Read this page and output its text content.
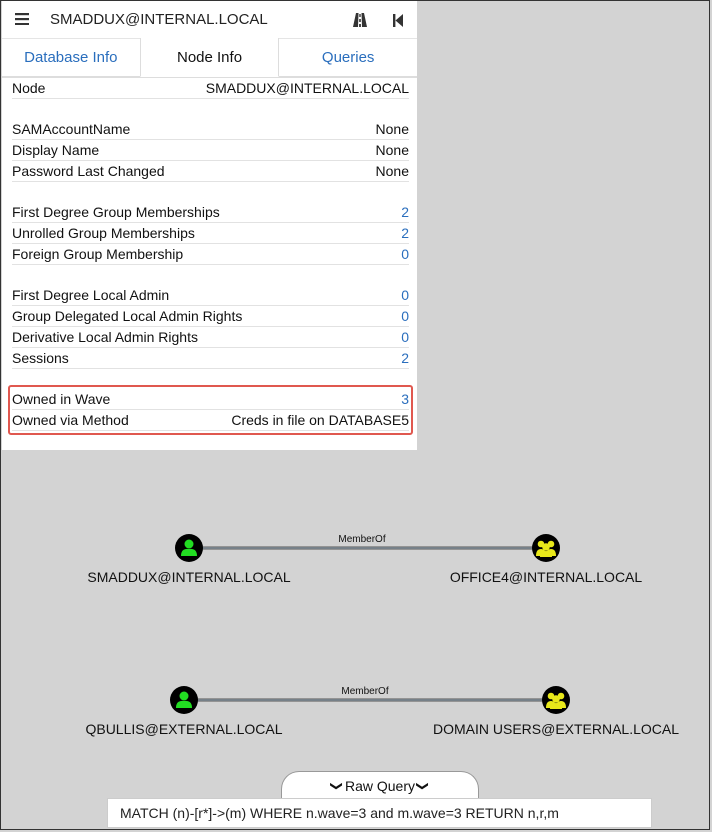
MemberOf
MemberOf
SMADDUX@INTERNAL.LOCAL	OFFICE4@INTERNAL.LOCAL
QBULLIS@EXTERNAL.LOCAL	DOMAIN USERS@EXTERNAL.LOCAL
SMADDUX@INTERNAL.LOCAL
Database Info	Node Info	Queries
Node	SMADDUX@INTERNAL.LOCAL
SAMAccountName	None
Display Name	None
Password Last Changed	None
First Degree Group Memberships	2
Unrolled Group Memberships	2
Foreign Group Membership	0
First Degree Local Admin	0
Group Delegated Local Admin Rights	0
Derivative Local Admin Rights	0
Sessions	2
Owned in Wave	3
Owned via Method	Creds in file on DATABASE5
❯ Raw Query ❯
MATCH (n)-[r*]->(m) WHERE n.wave=3 and m.wave=3 RETURN n,r,m
